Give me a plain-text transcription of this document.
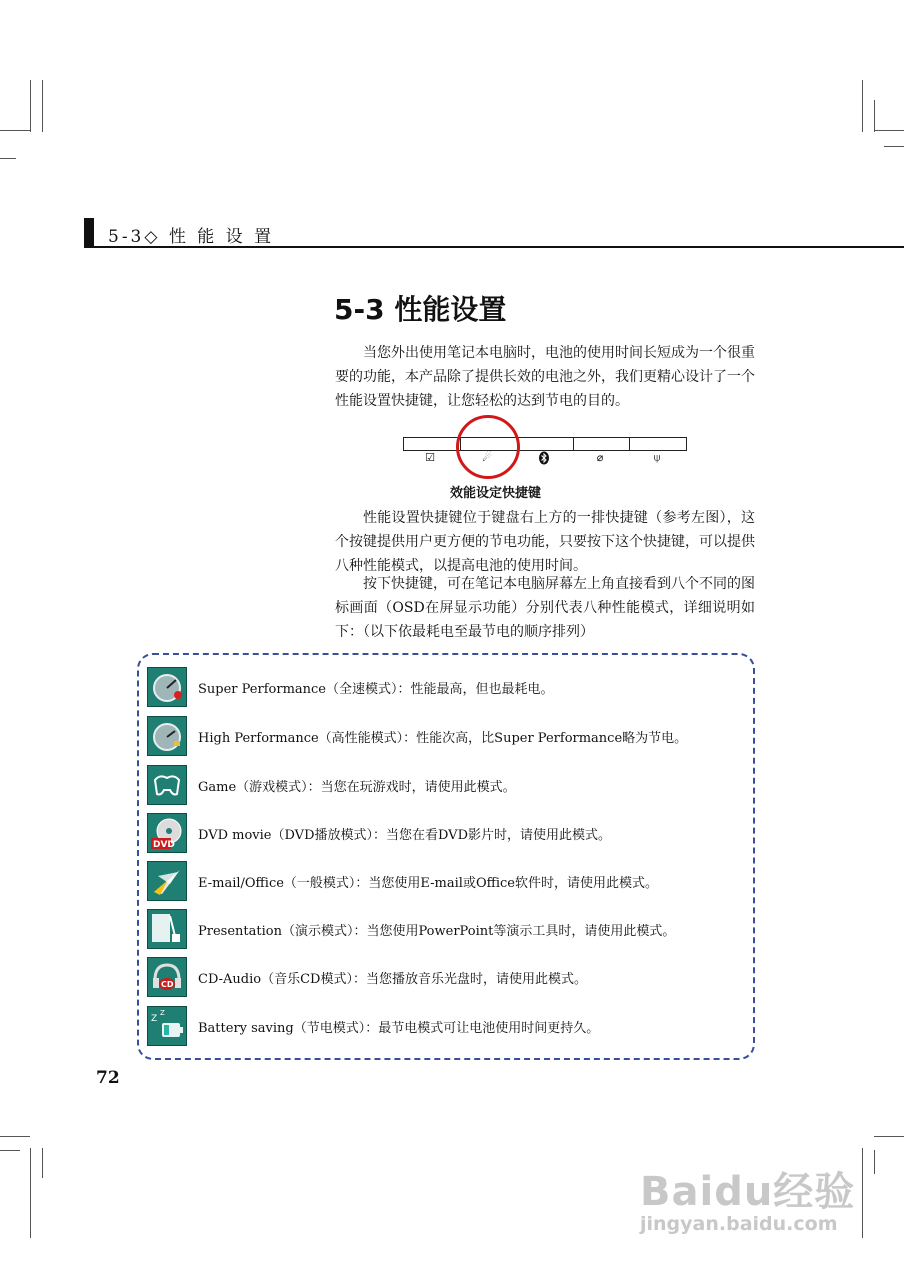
5-3◇ 性 能 设 置
5-3 性能设置
当您外出使用笔记本电脑时，电池的使用时间长短成为一个很重要的功能，本产品除了提供长效的电池之外，我们更精心设计了一个性能设置快捷键，让您轻松的达到节电的目的。
☑	☄	⌀	⍦
效能设定快捷键
性能设置快捷键位于键盘右上方的一排快捷键（参考左图），这个按键提供用户更方便的节电功能，只要按下这个快捷键，可以提供八种性能模式，以提高电池的使用时间。
按下快捷键，可在笔记本电脑屏幕左上角直接看到八个不同的图标画面（OSD在屏显示功能）分别代表八种性能模式，详细说明如下：（以下依最耗电至最节电的顺序排列）
Super Performance（全速模式）：性能最高，但也最耗电。
High Performance（高性能模式）：性能次高，比Super Performance略为节电。
Game（游戏模式）：当您在玩游戏时，请使用此模式。
DVD
DVD movie（DVD播放模式）：当您在看DVD影片时，请使用此模式。
E-mail/Office（一般模式）：当您使用E-mail或Office软件时，请使用此模式。
Presentation（演示模式）：当您使用PowerPoint等演示工具时，请使用此模式。
CD CD-Audio（音乐CD模式）：当您播放音乐光盘时，请使用此模式。
Z
Z
Battery saving（节电模式）：最节电模式可让电池使用时间更持久。
72
Baidu经验
jingyan.baidu.com
